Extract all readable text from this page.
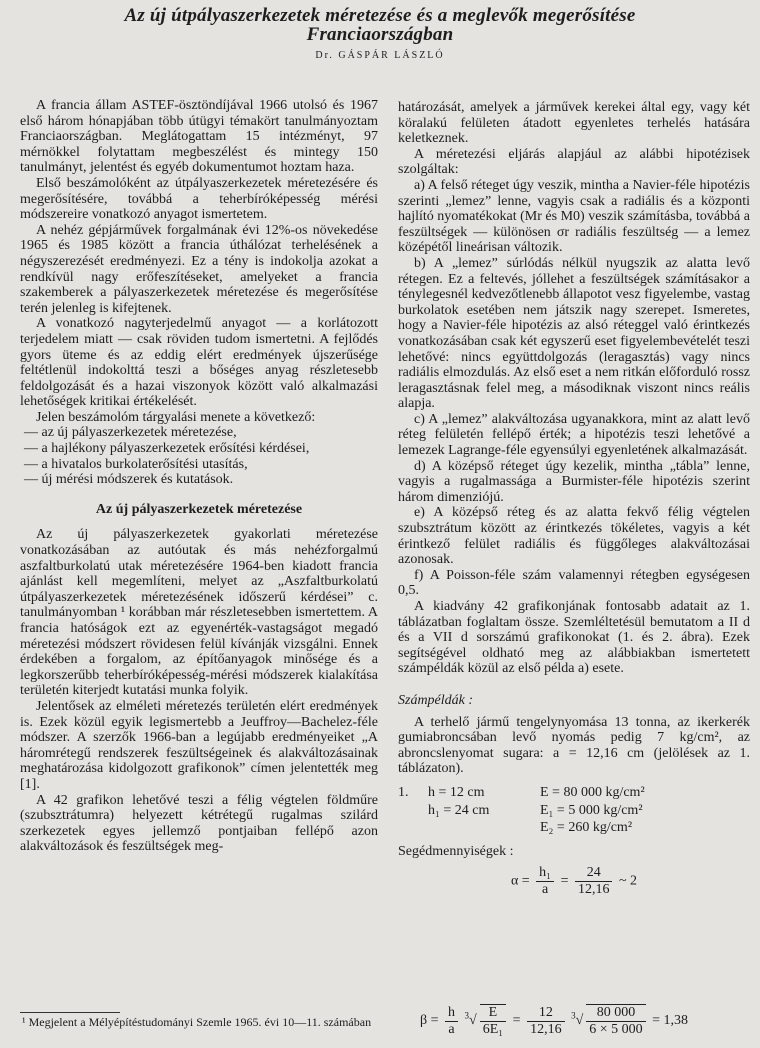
Az új útpályaszerkezetek méretezése és a meglevők megerősítése
Franciaországban
Dr. GÁSPÁR LÁSZLÓ

A francia állam ASTEF-ösztöndíjával 1966 utolsó és 1967 első három hónapjában több útügyi témakört tanulmányoztam Franciaországban. Meglátogattam 15 intézményt, 97 mérnökkel folytattam megbeszélést és mintegy 150 tanulmányt, jelentést és egyéb dokumentumot hoztam haza.

Első beszámolóként az útpályaszerkezetek méretezésére és megerősítésére, továbbá a teherbíróképesség mérési módszereire vonatkozó anyagot ismertetem.

A nehéz gépjárművek forgalmának évi 12%-os növekedése 1965 és 1985 között a francia úthálózat terhelésének a négyszerezését eredményezi. Ez a tény is indokolja azokat a rendkívül nagy erőfeszítéseket, amelyeket a francia szakemberek a pályaszerkezetek méretezése és megerősítése terén jelenleg is kifejtenek.

A vonatkozó nagyterjedelmű anyagot — a korlátozott terjedelem miatt — csak röviden tudom ismertetni. A fejlődés gyors üteme és az eddig elért eredmények újszerűsége feltétlenül indokolttá teszi a bőséges anyag részletesebb feldolgozását és a hazai viszonyok között való alkalmazási lehetőségek kritikai értékelését.

Jelen beszámolóm tárgyalási menete a következő:

— az új pályaszerkezetek méretezése,
— a hajlékony pályaszerkezetek erősítési kérdései,
— a hivatalos burkolaterősítési utasítás,
— új mérési módszerek és kutatások.
Az új pályaszerkezetek méretezése

Az új pályaszerkezetek gyakorlati méretezése vonatkozásában az autóutak és más nehézforgalmú aszfaltburkolatú utak méretezésére 1964-ben kiadott francia ajánlást kell megemlíteni, melyet az „Aszfaltburkolatú útpályaszerkezetek méretezésének időszerű kérdései” c. tanulmányomban ¹ korábban már részletesebben ismertettem. A francia hatóságok ezt az egyenérték-vastagságot megadó méretezési módszert rövidesen felül kívánják vizsgálni. Ennek érdekében a forgalom, az építőanyagok minősége és a legkorszerűbb teherbíróképesség-mérési módszerek kialakítása területén kiterjedt kutatási munka folyik.

Jelentősek az elméleti méretezés területén elért eredmények is. Ezek közül egyik legismertebb a Jeuffroy—Bachelez-féle módszer. A szerzők 1966-ban a legújabb eredményeiket „A háromrétegű rendszerek feszültségeinek és alakváltozásainak meghatározása kidolgozott grafikonok” címen jelentették meg [1].

A 42 grafikon lehetővé teszi a félig végtelen földműre (szubsztrátumra) helyezett kétrétegű rugalmas szilárd szerkezetek egyes jellemző pontjaiban fellépő azon alakváltozások és feszültségek meg-

¹ Megjelent a Mélyépítéstudományi Szemle 1965. évi 10—11. számában

határozását, amelyek a járművek kerekei által egy, vagy két köralakú felületen átadott egyenletes terhelés hatására keletkeznek.

A méretezési eljárás alapjául az alábbi hipotézisek szolgáltak:

a) A felső réteget úgy veszik, mintha a Navier-féle hipotézis szerinti „lemez” lenne, vagyis csak a radiális és a központi hajlító nyomatékokat (Mr és M0) veszik számításba, továbbá a feszültségek — különösen σr radiális feszültség — a lemez középétől lineárisan változik.

b) A „lemez” súrlódás nélkül nyugszik az alatta levő rétegen. Ez a feltevés, jóllehet a feszültségek számításakor a ténylegesnél kedvezőtlenebb állapotot vesz figyelembe, vastag burkolatok esetében nem játszik nagy szerepet. Ismeretes, hogy a Navier-féle hipotézis az alsó réteggel való érintkezés vonatkozásában csak két egyszerű eset figyelembevételét teszi lehetővé: nincs együttdolgozás (leragasztás) vagy nincs radiális elmozdulás. Az első eset a nem ritkán előforduló rossz leragasztásnak felel meg, a másodiknak viszont nincs reális alapja.

c) A „lemez” alakváltozása ugyanakkora, mint az alatt levő réteg felületén fellépő érték; a hipotézis teszi lehetővé a lemezek Lagrange-féle egyensúlyi egyenletének alkalmazását.

d) A középső réteget úgy kezelik, mintha „tábla” lenne, vagyis a rugalmassága a Burmister-féle hipotézis szerint három dimenziójú.

e) A középső réteg és az alatta fekvő félig végtelen szubsztrátum között az érintkezés tökéletes, vagyis a két érintkező felület radiális és függőleges alakváltozásai azonosak.

f) A Poisson-féle szám valamennyi rétegben egységesen 0,5.

A kiadvány 42 grafikonjának fontosabb adatait az 1. táblázatban foglaltam össze. Szemléltetésül bemutatom a II d és a VII d sorszámú grafikonokat (1. és 2. ábra). Ezek segítségével oldható meg az alábbiakban ismertetett számpéldák közül az első példa a) esete.

Számpéldák :

A terhelő jármű tengelynyomása 13 tonna, az ikerkerék gumiabroncsában levő nyomás pedig 7 kg/cm², az abroncslenyomat sugara: a = 12,16 cm (jelölések az 1. táblázaton).

1.	h = 12 cm	E = 80 000 kg/cm²
h₁ = 24 cm	E₁ = 5 000 kg/cm²
E₂ = 260 kg/cm²

Segédmennyiségek :

$\alpha = \frac{\text{h₁}}{a} = \frac{24}{12,16}$ ~ 2
$\beta = \frac{h}{a} ^3√ \frac{E}{\text{6E₁}} = \frac{12}{12,16} ^3√ \frac{80 000}{6 \times 5 000} = 1,38$
